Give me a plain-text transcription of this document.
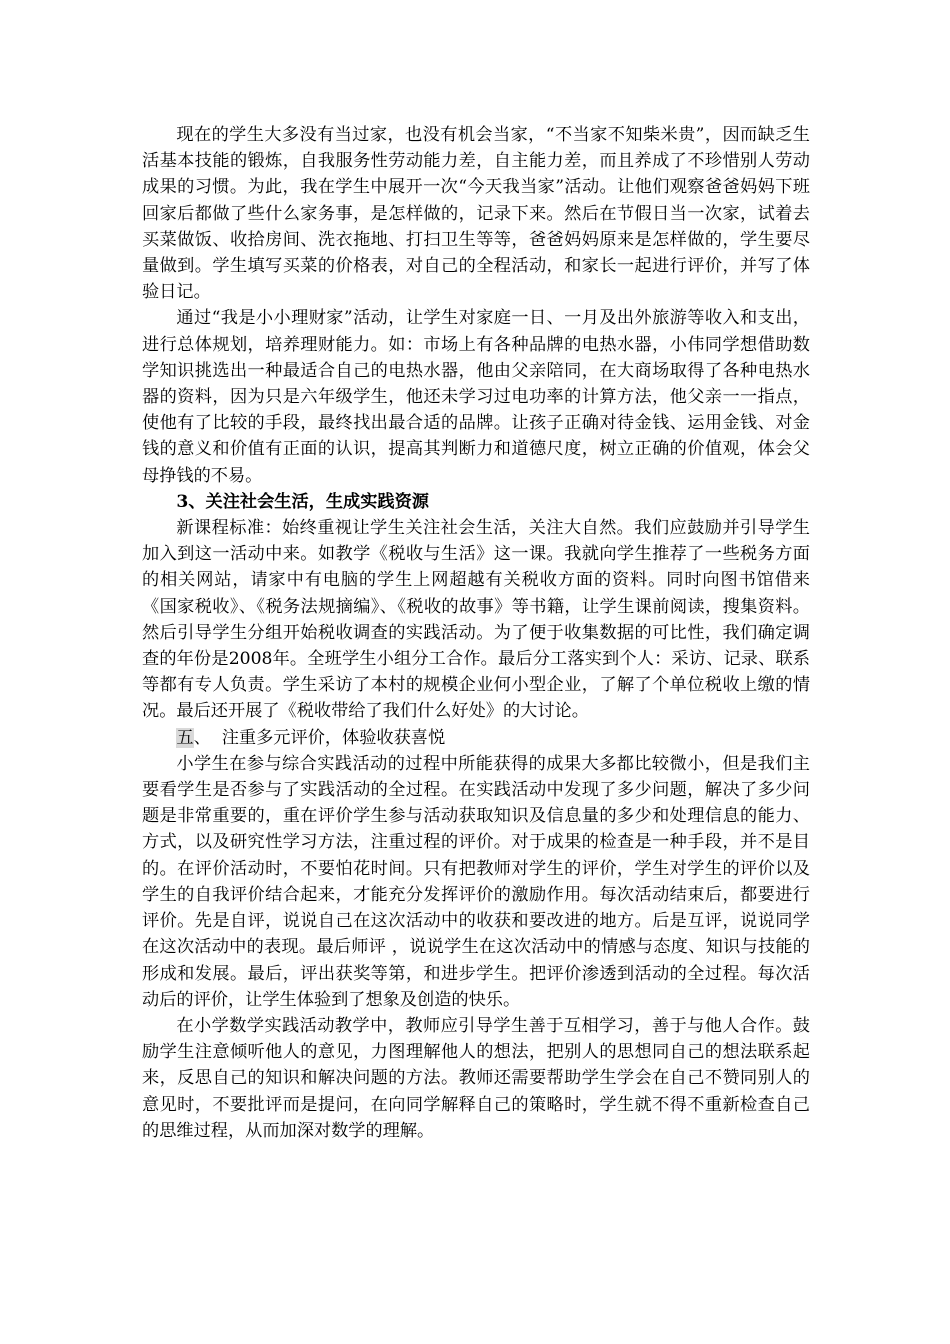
现在的学生大多没有当过家，也没有机会当家，“不当家不知柴米贵”，因而缺乏生活基本技能的锻炼，自我服务性劳动能力差，自主能力差，而且养成了不珍惜别人劳动成果的习惯。为此，我在学生中展开一次“今天我当家”活动。让他们观察爸爸妈妈下班回家后都做了些什么家务事，是怎样做的，记录下来。然后在节假日当一次家，试着去买菜做饭、收拾房间、洗衣拖地、打扫卫生等等，爸爸妈妈原来是怎样做的，学生要尽量做到。学生填写买菜的价格表，对自己的全程活动，和家长一起进行评价，并写了体验日记。

通过“我是小小理财家”活动，让学生对家庭一日、一月及出外旅游等收入和支出，进行总体规划，培养理财能力。如：市场上有各种品牌的电热水器，小伟同学想借助数学知识挑选出一种最适合自己的电热水器，他由父亲陪同，在大商场取得了各种电热水器的资料，因为只是六年级学生，他还未学习过电功率的计算方法，他父亲一一指点，使他有了比较的手段，最终找出最合适的品牌。让孩子正确对待金钱、运用金钱、对金钱的意义和价值有正面的认识，提高其判断力和道德尺度，树立正确的价值观，体会父母挣钱的不易。

3、关注社会生活，生成实践资源

新课程标准：始终重视让学生关注社会生活，关注大自然。我们应鼓励并引导学生加入到这一活动中来。如教学《税收与生活》这一课。我就向学生推荐了一些税务方面的相关网站，请家中有电脑的学生上网超越有关税收方面的资料。同时向图书馆借来《国家税收》、《税务法规摘编》、《税收的故事》等书籍，让学生课前阅读，搜集资料。然后引导学生分组开始税收调查的实践活动。为了便于收集数据的可比性，我们确定调查的年份是2008年。全班学生小组分工合作。最后分工落实到个人：采访、记录、联系等都有专人负责。学生采访了本村的规模企业何小型企业，了解了个单位税收上缴的情况。最后还开展了《税收带给了我们什么好处》的大讨论。

五、  注重多元评价，体验收获喜悦

小学生在参与综合实践活动的过程中所能获得的成果大多都比较微小，但是我们主要看学生是否参与了实践活动的全过程。在实践活动中发现了多少问题，解决了多少问题是非常重要的，重在评价学生参与活动获取知识及信息量的多少和处理信息的能力、方式，以及研究性学习方法，注重过程的评价。对于成果的检查是一种手段，并不是目的。在评价活动时，不要怕花时间。只有把教师对学生的评价，学生对学生的评价以及学生的自我评价结合起来，才能充分发挥评价的激励作用。每次活动结束后，都要进行评价。先是自评，说说自己在这次活动中的收获和要改进的地方。后是互评，说说同学在这次活动中的表现。最后师评 ，说说学生在这次活动中的情感与态度、知识与技能的形成和发展。最后，评出获奖等第，和进步学生。把评价渗透到活动的全过程。每次活动后的评价，让学生体验到了想象及创造的快乐。

在小学数学实践活动教学中，教师应引导学生善于互相学习，善于与他人合作。鼓励学生注意倾听他人的意见，力图理解他人的想法，把别人的思想同自己的想法联系起来，反思自己的知识和解决问题的方法。教师还需要帮助学生学会在自己不赞同别人的意见时，不要批评而是提问，在向同学解释自己的策略时，学生就不得不重新检查自己的思维过程，从而加深对数学的理解。
